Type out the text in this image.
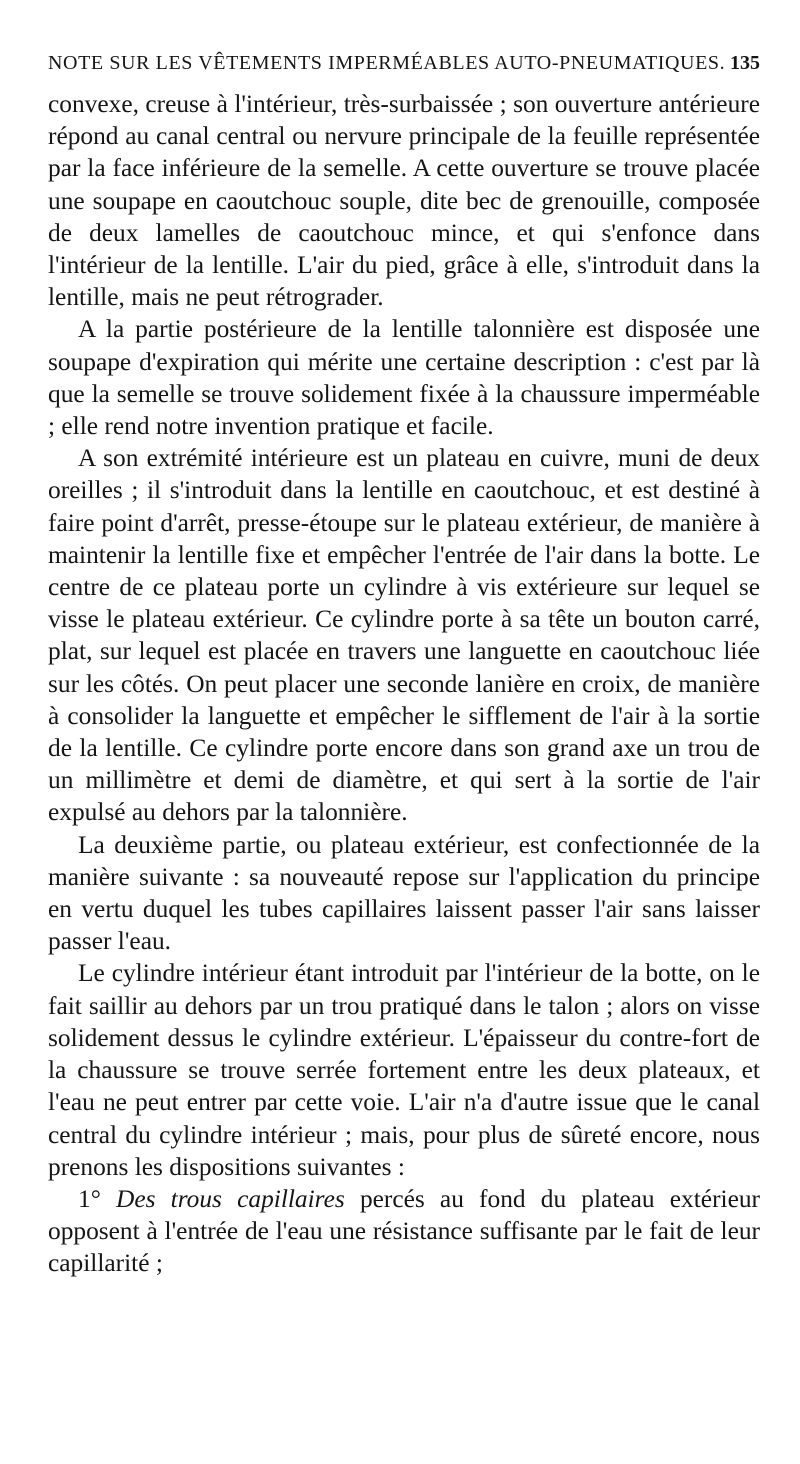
NOTE SUR LES VÊTEMENTS IMPERMÉABLES AUTO-PNEUMATIQUES. 135

convexe, creuse à l'intérieur, très-surbaissée ; son ouverture antérieure répond au canal central ou nervure principale de la feuille représentée par la face inférieure de la semelle. A cette ouverture se trouve placée une soupape en caoutchouc souple, dite bec de grenouille, composée de deux lamelles de caoutchouc mince, et qui s'enfonce dans l'intérieur de la lentille. L'air du pied, grâce à elle, s'introduit dans la lentille, mais ne peut rétrograder.

A la partie postérieure de la lentille talonnière est disposée une soupape d'expiration qui mérite une certaine description : c'est par là que la semelle se trouve solidement fixée à la chaussure imperméable ; elle rend notre invention pratique et facile.

A son extrémité intérieure est un plateau en cuivre, muni de deux oreilles ; il s'introduit dans la lentille en caoutchouc, et est destiné à faire point d'arrêt, presse-étoupe sur le plateau extérieur, de manière à maintenir la lentille fixe et empêcher l'entrée de l'air dans la botte. Le centre de ce plateau porte un cylindre à vis extérieure sur lequel se visse le plateau extérieur. Ce cylindre porte à sa tête un bouton carré, plat, sur lequel est placée en travers une languette en caoutchouc liée sur les côtés. On peut placer une seconde lanière en croix, de manière à consolider la languette et empêcher le sifflement de l'air à la sortie de la lentille. Ce cylindre porte encore dans son grand axe un trou de un millimètre et demi de diamètre, et qui sert à la sortie de l'air expulsé au dehors par la talonnière.

La deuxième partie, ou plateau extérieur, est confectionnée de la manière suivante : sa nouveauté repose sur l'application du principe en vertu duquel les tubes capillaires laissent passer l'air sans laisser passer l'eau.

Le cylindre intérieur étant introduit par l'intérieur de la botte, on le fait saillir au dehors par un trou pratiqué dans le talon ; alors on visse solidement dessus le cylindre extérieur. L'épaisseur du contre-fort de la chaussure se trouve serrée fortement entre les deux plateaux, et l'eau ne peut entrer par cette voie. L'air n'a d'autre issue que le canal central du cylindre intérieur ; mais, pour plus de sûreté encore, nous prenons les dispositions suivantes :

1° Des trous capillaires percés au fond du plateau extérieur opposent à l'entrée de l'eau une résistance suffisante par le fait de leur capillarité ;
